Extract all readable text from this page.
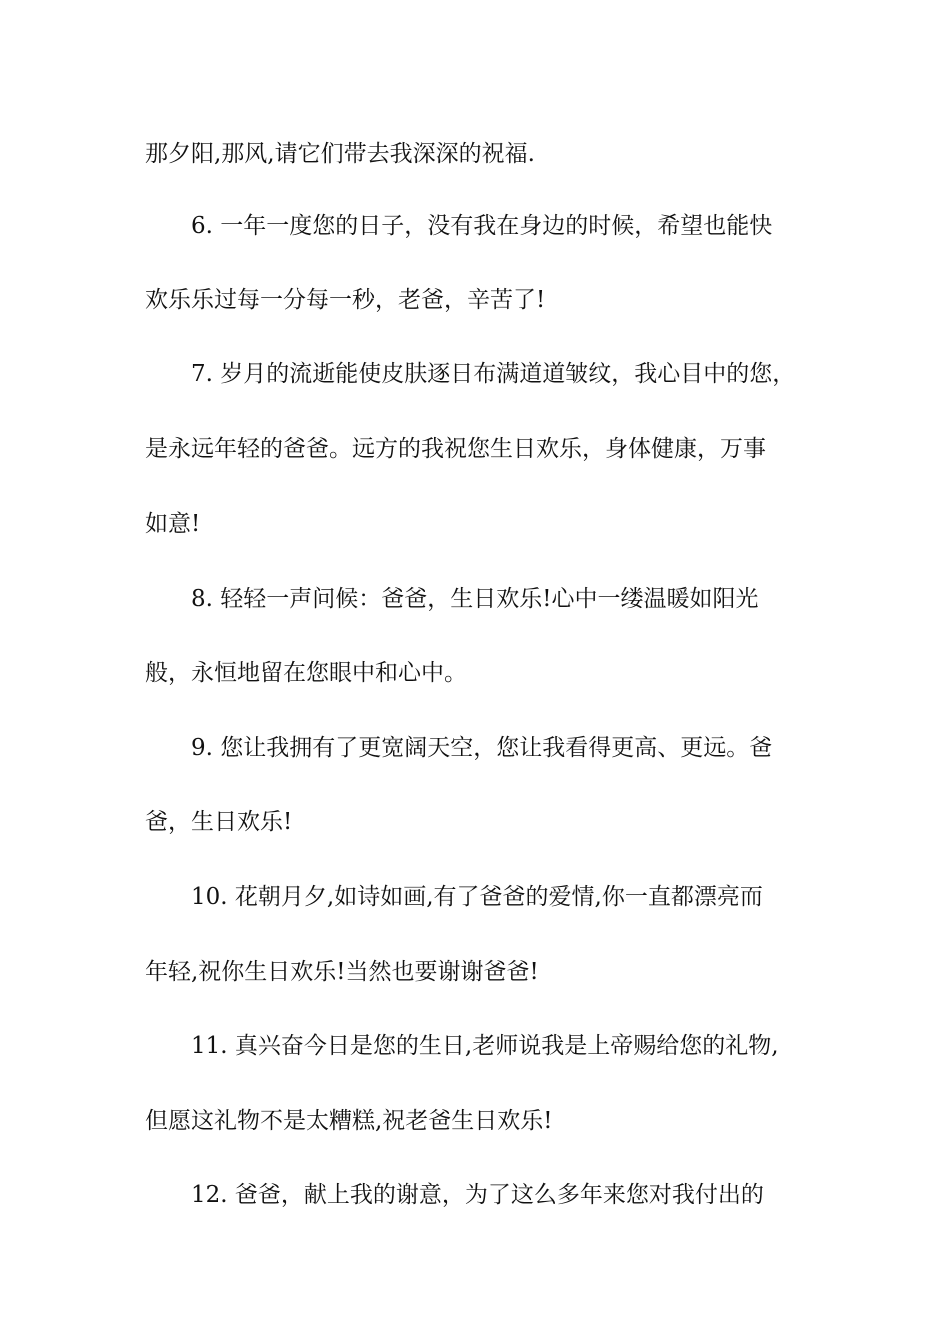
那夕阳,那风,请它们带去我深深的祝福.
6. 一年一度您的日子，没有我在身边的时候，希望也能快
欢乐乐过每一分每一秒，老爸，辛苦了!
7. 岁月的流逝能使皮肤逐日布满道道皱纹，我心目中的您，
是永远年轻的爸爸。远方的我祝您生日欢乐，身体健康，万事
如意!
8. 轻轻一声问候：爸爸，生日欢乐!心中一缕温暖如阳光
般，永恒地留在您眼中和心中。
9. 您让我拥有了更宽阔天空，您让我看得更高、更远。爸
爸，生日欢乐!
10. 花朝月夕,如诗如画,有了爸爸的爱情,你一直都漂亮而
年轻,祝你生日欢乐!当然也要谢谢爸爸!
11. 真兴奋今日是您的生日,老师说我是上帝赐给您的礼物,
但愿这礼物不是太糟糕,祝老爸生日欢乐!
12. 爸爸，献上我的谢意，为了这么多年来您对我付出的
